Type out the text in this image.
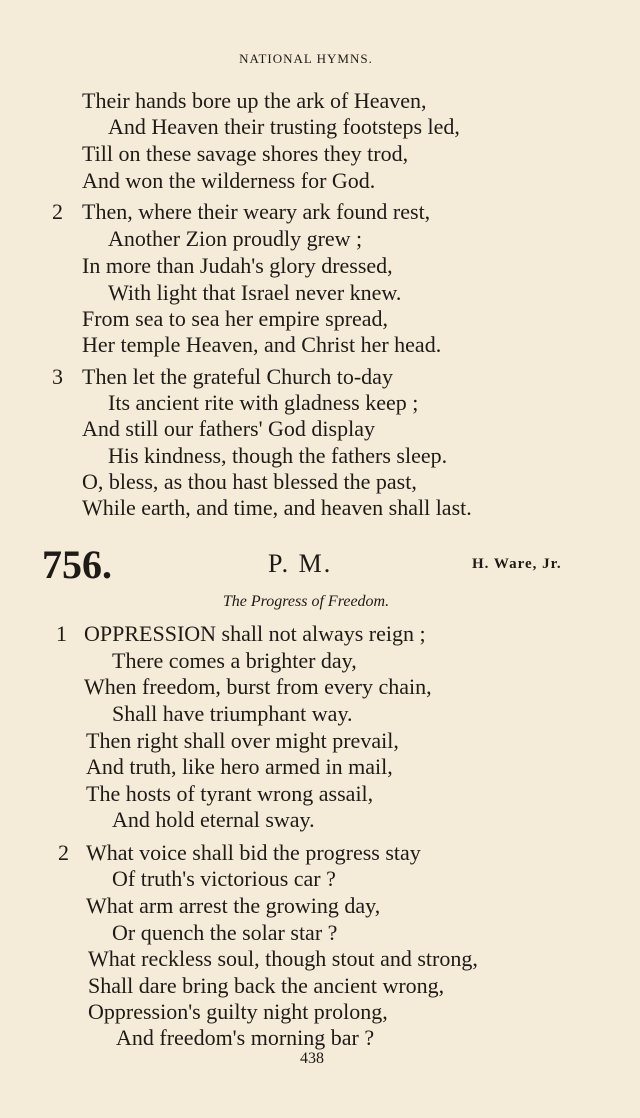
NATIONAL HYMNS.
Their hands bore up the ark of Heaven,
And Heaven their trusting footsteps led,
Till on these savage shores they trod,
And won the wilderness for God.
2 Then, where their weary ark found rest,
Another Zion proudly grew ;
In more than Judah's glory dressed,
With light that Israel never knew.
From sea to sea her empire spread,
Her temple Heaven, and Christ her head.
3 Then let the grateful Church to-day
Its ancient rite with gladness keep ;
And still our fathers' God display
His kindness, though the fathers sleep.
O, bless, as thou hast blessed the past,
While earth, and time, and heaven shall last.
756.	P. M.	H. Ware, Jr.
The Progress of Freedom.
1 OPPRESSION shall not always reign ;
There comes a brighter day,
When freedom, burst from every chain,
Shall have triumphant way.
Then right shall over might prevail,
And truth, like hero armed in mail,
The hosts of tyrant wrong assail,
And hold eternal sway.
2 What voice shall bid the progress stay
Of truth's victorious car ?
What arm arrest the growing day,
Or quench the solar star ?
What reckless soul, though stout and strong,
Shall dare bring back the ancient wrong,
Oppression's guilty night prolong,
And freedom's morning bar ?
438
